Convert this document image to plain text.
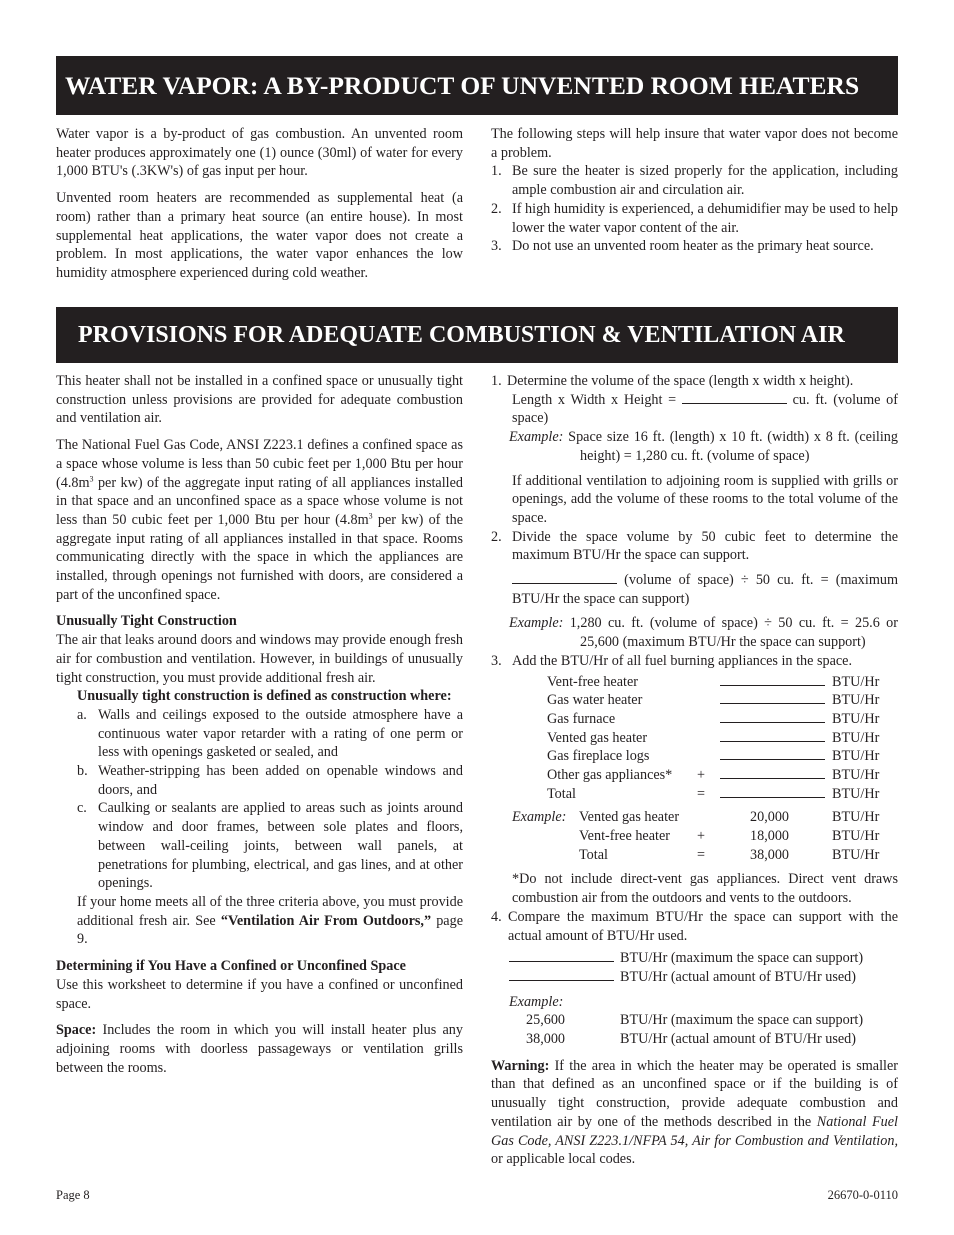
WATER VAPOR: A BY-PRODUCT OF UNVENTED ROOM HEATERS

Water vapor is a by-product of gas combustion. An unvented room heater produces approximately one (1) ounce (30ml) of water for every 1,000 BTU's (.3KW's) of gas input per hour.

Unvented room heaters are recommended as supplemental heat (a room) rather than a primary heat source (an entire house). In most supplemental heat applications, the water vapor does not create a problem. In most applications, the water vapor enhances the low humidity atmosphere experienced during cold weather.

The following steps will help insure that water vapor does not become a problem.

1. Be sure the heater is sized properly for the application, including ample combustion air and circulation air.
2. If high humidity is experienced, a dehumidifier may be used to help lower the water vapor content of the air.
3. Do not use an unvented room heater as the primary heat source.
PROVISIONS FOR ADEQUATE COMBUSTION & VENTILATION AIR

This heater shall not be installed in a confined space or unusually tight construction unless provisions are provided for adequate combustion and ventilation air.

The National Fuel Gas Code, ANSI Z223.1 defines a confined space as a space whose volume is less than 50 cubic feet per 1,000 Btu per hour ($4.8m^3$ per kw) of the aggregate input rating of all appliances installed in that space and an unconfined space as a space whose volume is not less than 50 cubic feet per 1,000 Btu per hour ($4.8m^3$ per kw) of the aggregate input rating of all appliances installed in that space. Rooms communicating directly with the space in which the appliances are installed, through openings not furnished with doors, are considered a part of the unconfined space.

Unusually Tight Construction

The air that leaks around doors and windows may provide enough fresh air for combustion and ventilation. However, in buildings of unusually tight construction, you must provide additional fresh air.

Unusually tight construction is defined as construction where:

a. Walls and ceilings exposed to the outside atmosphere have a continuous water vapor retarder with a rating of one perm or less with openings gasketed or sealed, and
b. Weather-stripping has been added on openable windows and doors, and
c. Caulking or sealants are applied to areas such as joints around window and door frames, between sole plates and floors, between wall-ceiling joints, between wall panels, at penetrations for plumbing, electrical, and gas lines, and at other openings.

If your home meets all of the three criteria above, you must provide additional fresh air. See “Ventilation Air From Outdoors,” page 9.

Determining if You Have a Confined or Unconfined Space

Use this worksheet to determine if you have a confined or unconfined space.

Space: Includes the room in which you will install heater plus any adjoining rooms with doorless passageways or ventilation grills between the rooms.

1. Determine the volume of the space (length x width x height).

Length x Width x Height =	cu. ft. (volume of space)

Example: Space size 16 ft. (length) x 10 ft. (width) x 8 ft. (ceiling height) = 1,280 cu. ft. (volume of space)

If additional ventilation to adjoining room is supplied with grills or openings, add the volume of these rooms to the total volume of the space.

2. Divide the space volume by 50 cubic feet to determine the maximum BTU/Hr the space can support.

(volume of space) ÷ 50 cu. ft. = (maximum BTU/Hr the space can support)

Example: 1,280 cu. ft. (volume of space) ÷ 50 cu. ft. = 25.6 or 25,600 (maximum BTU/Hr the space can support)

3. Add the BTU/Hr of all fuel burning appliances in the space.
Vent-free heater	BTU/Hr
Gas water heater	BTU/Hr
Gas furnace	BTU/Hr
Vented gas heater	BTU/Hr
Gas fireplace logs	BTU/Hr
Other gas appliances* +	BTU/Hr
Total	=	BTU/Hr
Example: Vented gas heater	20,000	BTU/Hr
Vent-free heater +	18,000	BTU/Hr
Total	=	38,000	BTU/Hr

*Do not include direct-vent gas appliances. Direct vent draws combustion air from the outdoors and vents to the outdoors.

4. Compare the maximum BTU/Hr the space can support with the actual amount of BTU/Hr used.
BTU/Hr (maximum the space can support)
BTU/Hr (actual amount of BTU/Hr used)

Example:

25,600	BTU/Hr (maximum the space can support)
38,000	BTU/Hr (actual amount of BTU/Hr used)

Warning: If the area in which the heater may be operated is smaller than that defined as an unconfined space or if the building is of unusually tight construction, provide adequate combustion and ventilation air by one of the methods described in the National Fuel Gas Code, ANSI Z223.1/NFPA 54, Air for Combustion and Ventilation, or applicable local codes.

Page 8	26670-0-0110
